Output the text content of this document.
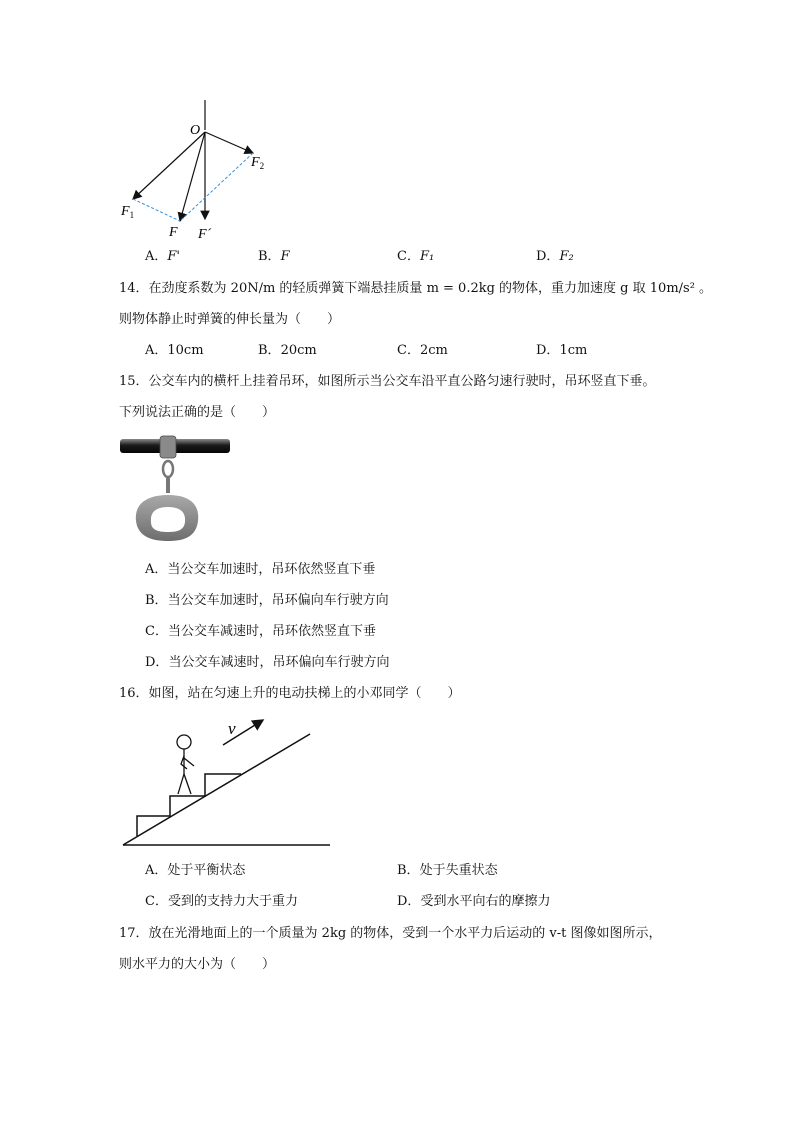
O
$F_2$
$F_1$
F F´
A．F'	B．F	C．F₁	D．F₂
14．在劲度系数为 20N/m 的轻质弹簧下端悬挂质量 m = 0.2kg 的物体，重力加速度 g 取 10m/s² 。
则物体静止时弹簧的伸长量为（　　）
A．10cm	B．20cm	C．2cm	D．1cm
15．公交车内的横杆上挂着吊环，如图所示当公交车沿平直公路匀速行驶时，吊环竖直下垂。
下列说法正确的是（　　）
A．当公交车加速时，吊环依然竖直下垂
B．当公交车加速时，吊环偏向车行驶方向
C．当公交车减速时，吊环依然竖直下垂
D．当公交车减速时，吊环偏向车行驶方向
16．如图，站在匀速上升的电动扶梯上的小邓同学（　　）
v
A．处于平衡状态	B．处于失重状态
C．受到的支持力大于重力	D．受到水平向右的摩擦力
17．放在光滑地面上的一个质量为 2kg 的物体，受到一个水平力后运动的 v-t 图像如图所示，
则水平力的大小为（　　）
